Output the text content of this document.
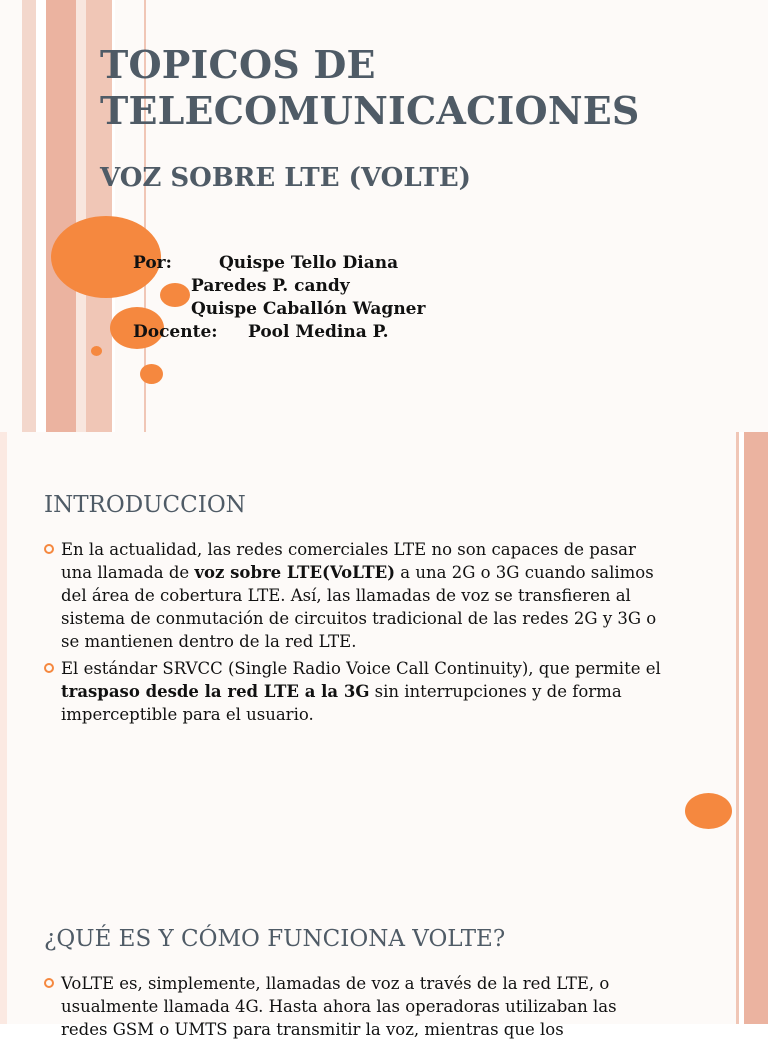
TOPICOS DE
TELECOMUNICACIONES
VOZ SOBRE LTE (VOLTE)
Por:	Quispe Tello Diana
Paredes P. candy
Quispe Caballón Wagner
Docente: Pool Medina P.
INTRODUCCION
En la actualidad, las redes comerciales LTE no son capaces de pasar una llamada de voz sobre LTE(VoLTE) a una 2G o 3G cuando salimos del área de cobertura LTE. Así, las llamadas de voz se transfieren al sistema de conmutación de circuitos tradicional de las redes 2G y 3G o se mantienen dentro de la red LTE.
El estándar SRVCC (Single Radio Voice Call Continuity), que permite el traspaso desde la red LTE a la 3G sin interrupciones y de forma imperceptible para el usuario.
¿QUÉ ES Y CÓMO FUNCIONA VOLTE?
VoLTE es, simplemente, llamadas de voz a través de la red LTE, o usualmente llamada 4G. Hasta ahora las operadoras utilizaban las redes GSM o UMTS para transmitir la voz, mientras que los
